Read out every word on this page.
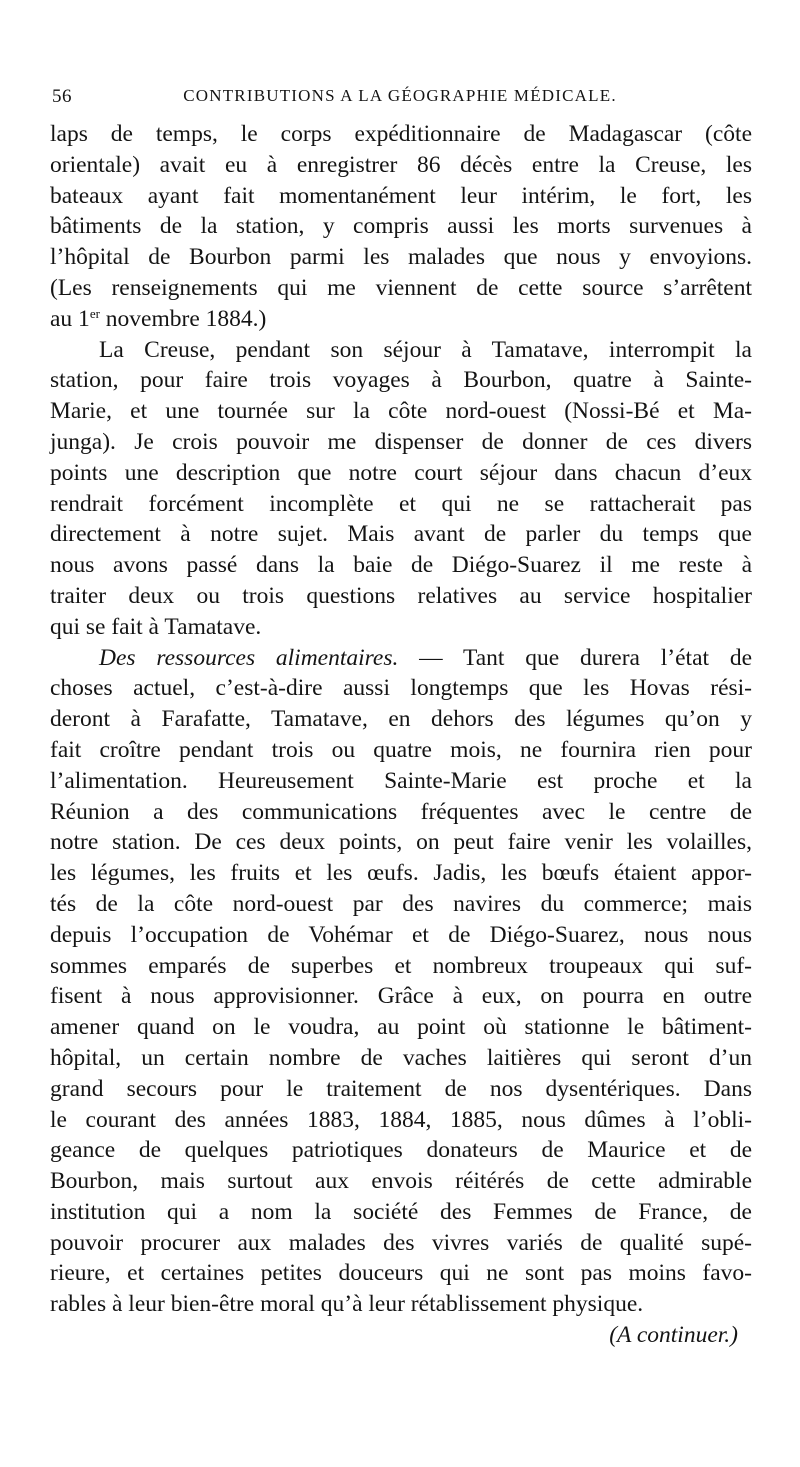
56	CONTRIBUTIONS A LA GÉOGRAPHIE MÉDICALE.
laps de temps, le corps expéditionnaire de Madagascar (côte
orientale) avait eu à enregistrer 86 décès entre la Creuse, les
bateaux ayant fait momentanément leur intérim, le fort, les
bâtiments de la station, y compris aussi les morts survenues à
l’hôpital de Bourbon parmi les malades que nous y envoyions.
(Les renseignements qui me viennent de cette source s’arrêtent
au 1er novembre 1884.)
La Creuse, pendant son séjour à Tamatave, interrompit la
station, pour faire trois voyages à Bourbon, quatre à Sainte-
Marie, et une tournée sur la côte nord-ouest (Nossi-Bé et Ma-
junga). Je crois pouvoir me dispenser de donner de ces divers
points une description que notre court séjour dans chacun d’eux
rendrait forcément incomplète et qui ne se rattacherait pas
directement à notre sujet. Mais avant de parler du temps que
nous avons passé dans la baie de Diégo-Suarez il me reste à
traiter deux ou trois questions relatives au service hospitalier
qui se fait à Tamatave.
Des ressources alimentaires. — Tant que durera l’état de
choses actuel, c’est-à-dire aussi longtemps que les Hovas rési-
deront à Farafatte, Tamatave, en dehors des légumes qu’on y
fait croître pendant trois ou quatre mois, ne fournira rien pour
l’alimentation. Heureusement Sainte-Marie est proche et la
Réunion a des communications fréquentes avec le centre de
notre station. De ces deux points, on peut faire venir les volailles,
les légumes, les fruits et les œufs. Jadis, les bœufs étaient appor-
tés de la côte nord-ouest par des navires du commerce; mais
depuis l’occupation de Vohémar et de Diégo-Suarez, nous nous
sommes emparés de superbes et nombreux troupeaux qui suf-
fisent à nous approvisionner. Grâce à eux, on pourra en outre
amener quand on le voudra, au point où stationne le bâtiment-
hôpital, un certain nombre de vaches laitières qui seront d’un
grand secours pour le traitement de nos dysentériques. Dans
le courant des années 1883, 1884, 1885, nous dûmes à l’obli-
geance de quelques patriotiques donateurs de Maurice et de
Bourbon, mais surtout aux envois réitérés de cette admirable
institution qui a nom la société des Femmes de France, de
pouvoir procurer aux malades des vivres variés de qualité supé-
rieure, et certaines petites douceurs qui ne sont pas moins favo-
rables à leur bien-être moral qu’à leur rétablissement physique.
(A continuer.)
